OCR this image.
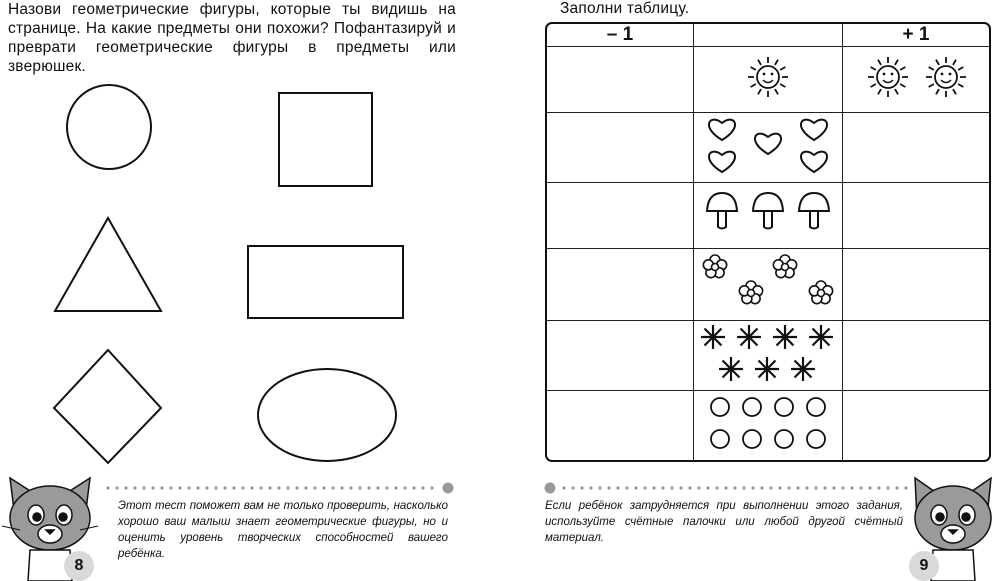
Назови геометрические фигуры, которые ты видишь на странице. На какие предметы они похожи? Пофантазируй и преврати геометрические фигуры в предметы или зверюшек.
Этот тест поможет вам не только проверить, насколько хорошо ваш малыш знает геометрические фигуры, но и оценить уровень творческих способностей вашего ребёнка.
8
Заполни таблицу.
– 1		+ 1

Если ребёнок затрудняется при выполнении этого задания, используйте счётные палочки или любой другой счётный материал.
9
